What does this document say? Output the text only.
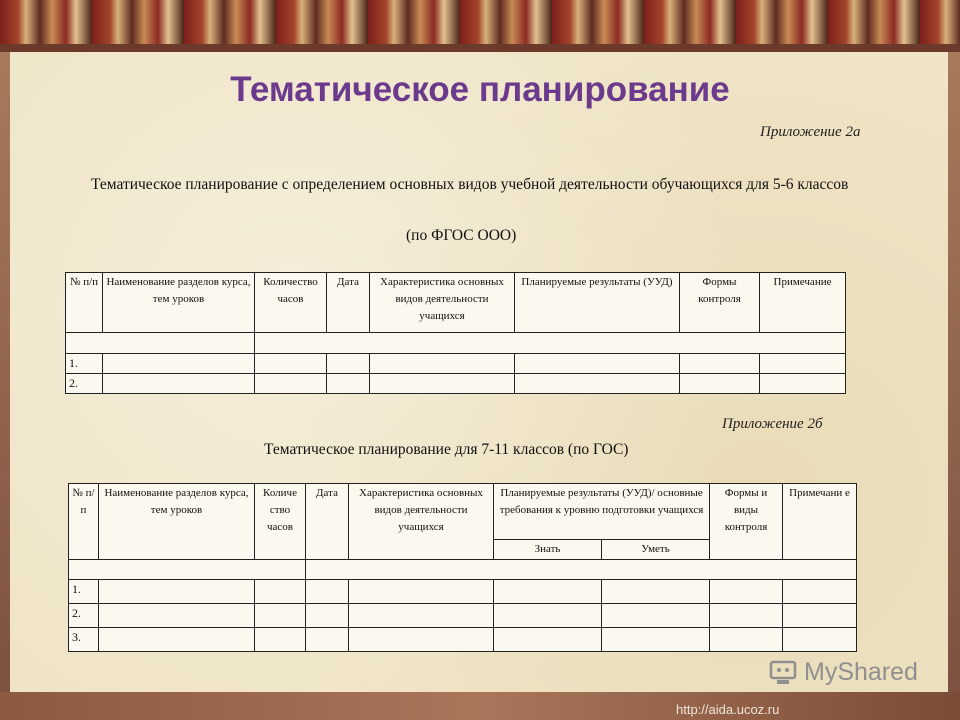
Тематическое планирование
Приложение 2а
Тематическое планирование с определением основных видов учебной деятельности обучающихся для 5-6 классов
(по ФГОС ООО)
№ п/п	Наименование разделов курса, тем уроков	Количество часов	Дата	Характеристика основных видов деятельности учащихся	Планируемые результаты (УУД)	Формы контроля	Примечание

1.							
2.							
Приложение 2б
Тематическое планирование для 7-11 классов (по ГОС)
№ п/п	Наименование разделов курса, тем уроков	Количе ство часов	Дата	Характеристика основных видов деятельности учащихся	Планируемые результаты (УУД)/ основные требования к уровню подготовки учащихся		Формы и виды контроля	Примечани е
					Знать	Уметь		

1.								
2.								
3.								
MyShared
http://aida.ucoz.ru
